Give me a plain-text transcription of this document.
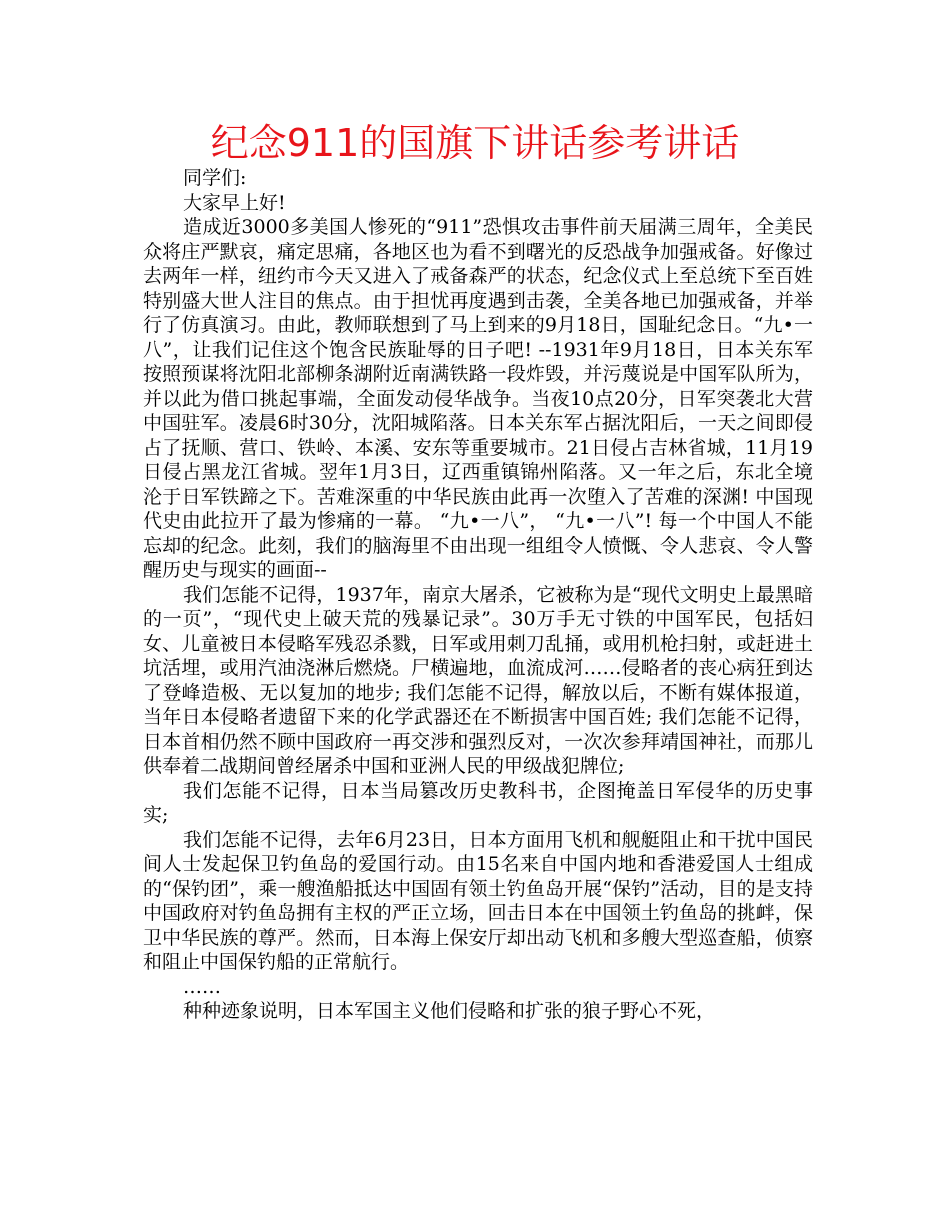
纪念911的国旗下讲话参考讲话

同学们:

大家早上好!

造成近3000多美国人惨死的“911”恐惧攻击事件前天届满三周年，全美民众将庄严默哀，痛定思痛，各地区也为看不到曙光的反恐战争加强戒备。好像过去两年一样，纽约市今天又进入了戒备森严的状态，纪念仪式上至总统下至百姓特别盛大世人注目的焦点。由于担忧再度遇到击袭，全美各地已加强戒备，并举行了仿真演习。由此，教师联想到了马上到来的9月18日，国耻纪念日。“九•一八”，让我们记住这个饱含民族耻辱的日子吧! --1931年9月18日，日本关东军按照预谋将沈阳北部柳条湖附近南满铁路一段炸毁，并污蔑说是中国军队所为，并以此为借口挑起事端，全面发动侵华战争。当夜10点20分，日军突袭北大营中国驻军。凌晨6时30分，沈阳城陷落。日本关东军占据沈阳后，一天之间即侵占了抚顺、营口、铁岭、本溪、安东等重要城市。21日侵占吉林省城，11月19日侵占黑龙江省城。翌年1月3日，辽西重镇锦州陷落。又一年之后，东北全境沦于日军铁蹄之下。苦难深重的中华民族由此再一次堕入了苦难的深渊! 中国现代史由此拉开了最为惨痛的一幕。 “九•一八”， “九•一八”! 每一个中国人不能忘却的纪念。此刻，我们的脑海里不由出现一组组令人愤慨、令人悲哀、令人警醒历史与现实的画面--

我们怎能不记得，1937年，南京大屠杀，它被称为是“现代文明史上最黑暗的一页”，“现代史上破天荒的残暴记录”。30万手无寸铁的中国军民，包括妇女、儿童被日本侵略军残忍杀戮，日军或用刺刀乱捅，或用机枪扫射，或赶进土坑活埋，或用汽油浇淋后燃烧。尸横遍地，血流成河……侵略者的丧心病狂到达了登峰造极、无以复加的地步; 我们怎能不记得，解放以后，不断有媒体报道，当年日本侵略者遗留下来的化学武器还在不断损害中国百姓; 我们怎能不记得，日本首相仍然不顾中国政府一再交涉和强烈反对，一次次参拜靖国神社，而那儿供奉着二战期间曾经屠杀中国和亚洲人民的甲级战犯牌位;

我们怎能不记得，日本当局篡改历史教科书，企图掩盖日军侵华的历史事实;

我们怎能不记得，去年6月23日，日本方面用飞机和舰艇阻止和干扰中国民间人士发起保卫钓鱼岛的爱国行动。由15名来自中国内地和香港爱国人士组成的“保钓团”，乘一艘渔船抵达中国固有领土钓鱼岛开展“保钓”活动，目的是支持中国政府对钓鱼岛拥有主权的严正立场，回击日本在中国领土钓鱼岛的挑衅，保卫中华民族的尊严。然而，日本海上保安厅却出动飞机和多艘大型巡查船，侦察和阻止中国保钓船的正常航行。

……

种种迹象说明，日本军国主义他们侵略和扩张的狼子野心不死，
